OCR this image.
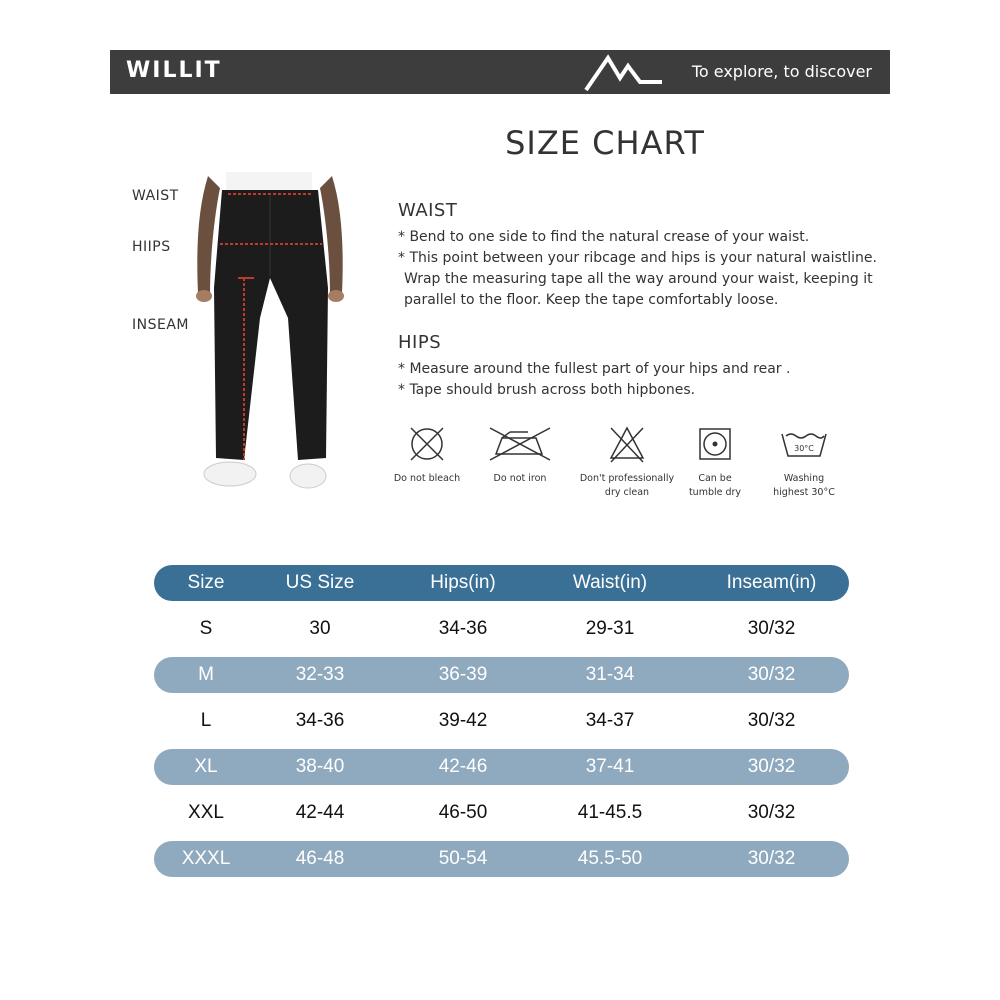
WILLIT	To explore, to discover
SIZE CHART
WAIST
HIIPS
INSEAM
WAIST
* Bend to one side to find the natural crease of your waist.
* This point between your ribcage and hips is your natural waistline.
Wrap the measuring tape all the way around your waist, keeping it
parallel to the floor. Keep the tape comfortably loose.
HIPS
* Measure around the fullest part of your hips and rear .
* Tape should brush across both hipbones.
Do not bleach	Do not iron	Don't professionally
dry clean
Can be
tumble dry
30°C
Washing
highest 30°C
Size	US Size	Hips(in)	Waist(in)	Inseam(in)
S	30	34-36	29-31	30/32
M	32-33	36-39	31-34	30/32
L	34-36	39-42	34-37	30/32
XL	38-40	42-46	37-41	30/32
XXL	42-44	46-50	41-45.5	30/32
XXXL	46-48	50-54	45.5-50	30/32
